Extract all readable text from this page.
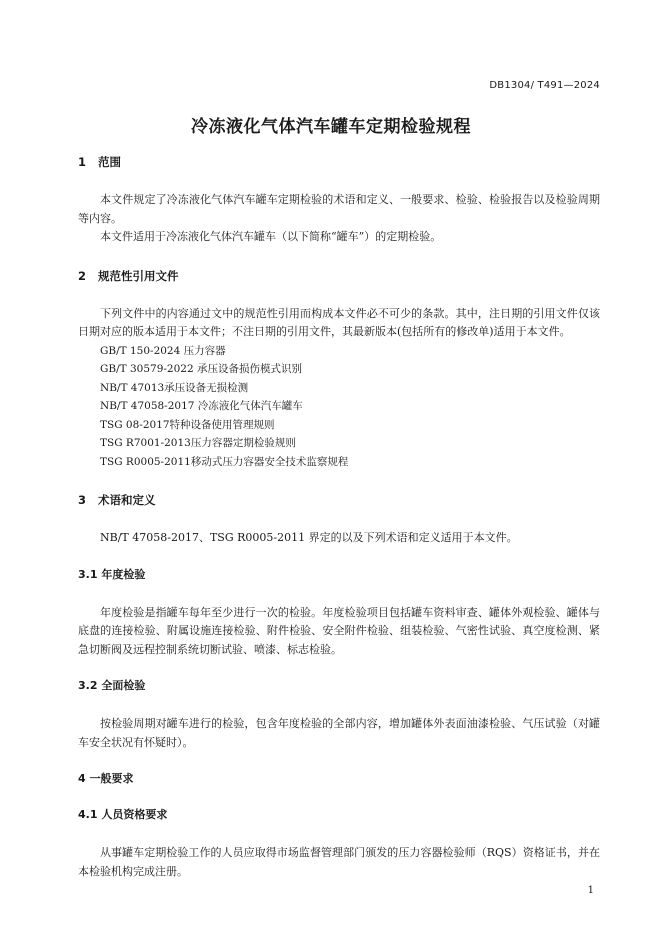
DB1304/ T491—2024
冷冻液化气体汽车罐车定期检验规程
1 范围

本文件规定了冷冻液化气体汽车罐车定期检验的术语和定义、一般要求、检验、检验报告以及检验周期等内容。

本文件适用于冷冻液化气体汽车罐车（以下简称“罐车”）的定期检验。

2 规范性引用文件

下列文件中的内容通过文中的规范性引用而构成本文件必不可少的条款。其中，注日期的引用文件仅该日期对应的版本适用于本文件；不注日期的引用文件，其最新版本(包括所有的修改单)适用于本文件。

GB/T 150-2024 压力容器
GB/T 30579-2022 承压设备损伤模式识别
NB/T 47013承压设备无损检测
NB/T 47058-2017 冷冻液化气体汽车罐车
TSG 08-2017特种设备使用管理规则
TSG R7001-2013压力容器定期检验规则
TSG R0005-2011移动式压力容器安全技术监察规程
3 术语和定义

NB/T 47058-2017、TSG R0005-2011 界定的以及下列术语和定义适用于本文件。

3.1 年度检验

年度检验是指罐车每年至少进行一次的检验。年度检验项目包括罐车资料审查、罐体外观检验、罐体与底盘的连接检验、附属设施连接检验、附件检验、安全附件检验、组装检验、气密性试验、真空度检测、紧急切断阀及远程控制系统切断试验、喷漆、标志检验。

3.2 全面检验

按检验周期对罐车进行的检验，包含年度检验的全部内容，增加罐体外表面油漆检验、气压试验（对罐车安全状况有怀疑时）。

4 一般要求
4.1 人员资格要求

从事罐车定期检验工作的人员应取得市场监督管理部门颁发的压力容器检验师（RQS）资格证书，并在本检验机构完成注册。

1
